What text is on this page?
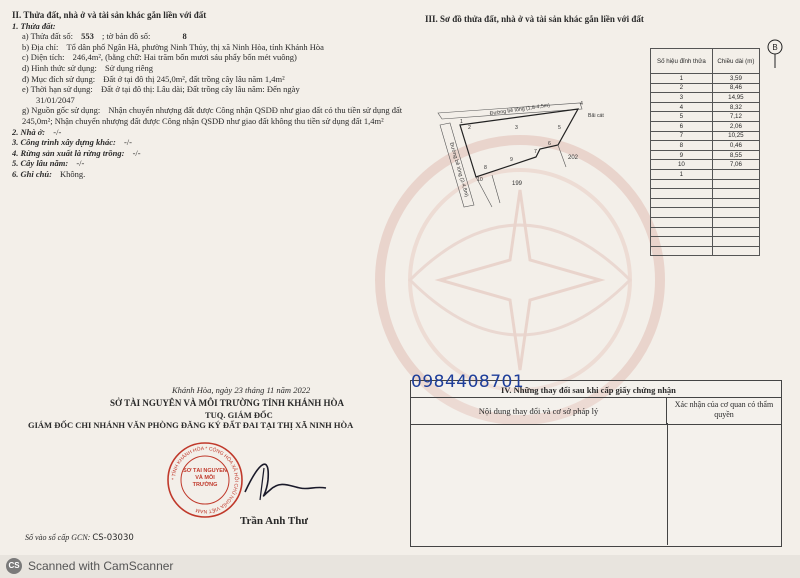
II. Thửa đất, nhà ở và tài sản khác gắn liền với đất
1. Thửa đất:
a) Thửa đất số: 553 ; tờ bản đồ số:	8
b) Địa chỉ: Tổ dân phố Ngân Hà, phường Ninh Thủy, thị xã Ninh Hòa, tỉnh Khánh Hòa
c) Diện tích: 246,4m², (bằng chữ: Hai trăm bốn mươi sáu phẩy bốn mét vuông)
d) Hình thức sử dụng: Sử dụng riêng
đ) Mục đích sử dụng: Đất ở tại đô thị 245,0m², đất trồng cây lâu năm 1,4m²
e) Thời hạn sử dụng: Đất ở tại đô thị: Lâu dài; Đất trồng cây lâu năm: Đến ngày
31/01/2047
g) Nguồn gốc sử dụng: Nhận chuyển nhượng đất được Công nhận QSDĐ như giao đất có thu tiền sử dụng đất 245,0m²; Nhận chuyển nhượng đất được Công nhận QSDĐ như giao đất không thu tiền sử dụng đất 1,4m²
2. Nhà ở: -/-
3. Công trình xây dựng khác: -/-
4. Rừng sản xuất là rừng trồng: -/-
5. Cây lâu năm: -/-
6. Ghi chú: Không.
III. Sơ đồ thửa đất, nhà ở và tài sản khác gắn liền với đất
B
Số hiệu đỉnh thửa	Chiều dài (m)
1	3,59
2	8,46
3	14,95
4	8,32
5	7,12
6	2,06
7	10,25
8	0,46
9	8,55
10	7,06
1	

Đường bê tông (1,8-4,5m)
Đường bê tông (2-4,8m)
Bãi cát
202
199
1
2	3
4
5
6
7
8
9
10
Khánh Hòa, ngày 23 tháng 11 năm 2022
SỞ TÀI NGUYÊN VÀ MÔI TRƯỜNG TỈNH KHÁNH HÒA
TUQ. GIÁM ĐỐC
GIÁM ĐỐC CHI NHÁNH VĂN PHÒNG ĐĂNG KÝ ĐẤT ĐAI TẠI THỊ XÃ NINH HÒA
* TỈNH KHÁNH HÒA * CỘNG HÒA XÃ HỘI CHỦ NGHĨA VIỆT NAM
SỞ TÀI NGUYÊN VÀ MÔI TRƯỜNG
Trần Anh Thư
Số vào sổ cấp GCN: CS-03030
IV. Những thay đổi sau khi cấp giấy chứng nhận
Nội dung thay đổi và cơ sở pháp lý
Xác nhận của cơ quan có thẩm quyền
0984408701
CS Scanned with CamScanner
